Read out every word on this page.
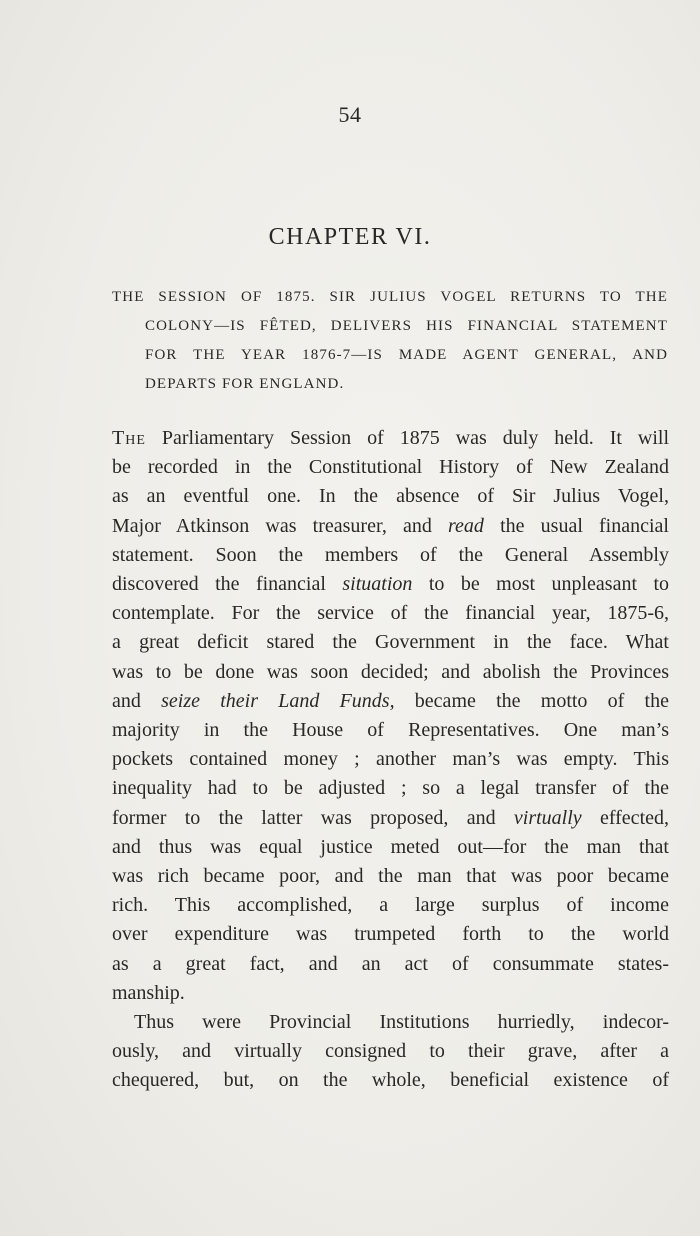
54
CHAPTER VI.
THE SESSION OF 1875. SIR JULIUS VOGEL RETURNS TO THE
COLONY—IS FÊTED, DELIVERS HIS FINANCIAL STATEMENT
FOR THE YEAR 1876-7—IS MADE AGENT GENERAL, AND
DEPARTS FOR ENGLAND.
The Parliamentary Session of 1875 was duly held. It will
be recorded in the Constitutional History of New Zealand
as an eventful one. In the absence of Sir Julius Vogel,
Major Atkinson was treasurer, and read the usual financial
statement. Soon the members of the General Assembly
discovered the financial situation to be most unpleasant to
contemplate. For the service of the financial year, 1875-6,
a great deficit stared the Government in the face. What
was to be done was soon decided; and abolish the Provinces
and seize their Land Funds, became the motto of the
majority in the House of Representatives. One man’s
pockets contained money ; another man’s was empty. This
inequality had to be adjusted ; so a legal transfer of the
former to the latter was proposed, and virtually effected,
and thus was equal justice meted out—for the man that
was rich became poor, and the man that was poor became
rich. This accomplished, a large surplus of income
over expenditure was trumpeted forth to the world
as a great fact, and an act of consummate states-
manship.
Thus were Provincial Institutions hurriedly, indecor-
ously, and virtually consigned to their grave, after a
chequered, but, on the whole, beneficial existence of
